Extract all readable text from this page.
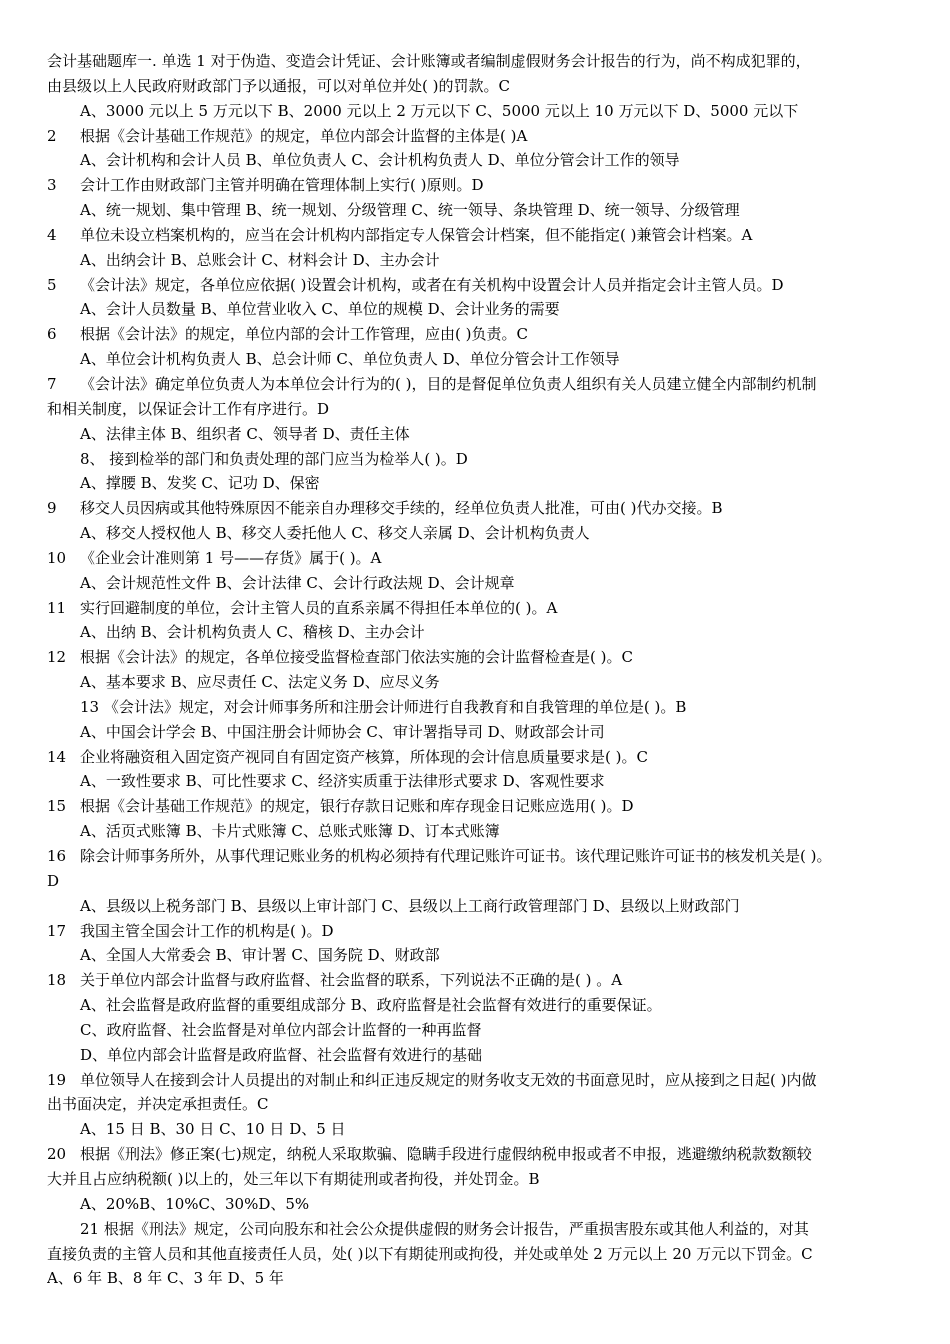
会计基础题库一. 单选 1 对于伪造、变造会计凭证、会计账簿或者编制虚假财务会计报告的行为，尚不构成犯罪的，
由县级以上人民政府财政部门予以通报，可以对单位并处( )的罚款。C
A、3000 元以上 5 万元以下 B、2000 元以上 2 万元以下 C、5000 元以上 10 万元以下 D、5000 元以下
2 根据《会计基础工作规范》的规定，单位内部会计监督的主体是( )A
A、会计机构和会计人员 B、单位负责人 C、会计机构负责人 D、单位分管会计工作的领导
3 会计工作由财政部门主管并明确在管理体制上实行( )原则。D
A、统一规划、集中管理 B、统一规划、分级管理 C、统一领导、条块管理 D、统一领导、分级管理
4 单位未设立档案机构的，应当在会计机构内部指定专人保管会计档案，但不能指定( )兼管会计档案。A
A、出纳会计 B、总账会计 C、材料会计 D、主办会计
5 《会计法》规定，各单位应依据( )设置会计机构，或者在有关机构中设置会计人员并指定会计主管人员。D
A、会计人员数量 B、单位营业收入 C、单位的规模 D、会计业务的需要
6 根据《会计法》的规定，单位内部的会计工作管理，应由( )负责。C
A、单位会计机构负责人 B、总会计师 C、单位负责人 D、单位分管会计工作领导
7 《会计法》确定单位负责人为本单位会计行为的( )，目的是督促单位负责人组织有关人员建立健全内部制约机制
和相关制度，以保证会计工作有序进行。D
A、法律主体 B、组织者 C、领导者 D、责任主体
8、 接到检举的部门和负责处理的部门应当为检举人( )。D
A、撑腰 B、发奖 C、记功 D、保密
9 移交人员因病或其他特殊原因不能亲自办理移交手续的，经单位负责人批准，可由( )代办交接。B
A、移交人授权他人 B、移交人委托他人 C、移交人亲属 D、会计机构负责人
10 《企业会计准则第 1 号——存货》属于( )。A
A、会计规范性文件 B、会计法律 C、会计行政法规 D、会计规章
11 实行回避制度的单位，会计主管人员的直系亲属不得担任本单位的( )。A
A、出纳 B、会计机构负责人 C、稽核 D、主办会计
12 根据《会计法》的规定，各单位接受监督检查部门依法实施的会计监督检查是( )。C
A、基本要求 B、应尽责任 C、法定义务 D、应尽义务
13 《会计法》规定，对会计师事务所和注册会计师进行自我教育和自我管理的单位是( )。B
A、中国会计学会 B、中国注册会计师协会 C、审计署指导司 D、财政部会计司
14 企业将融资租入固定资产视同自有固定资产核算，所体现的会计信息质量要求是( )。C
A、一致性要求 B、可比性要求 C、经济实质重于法律形式要求 D、客观性要求
15 根据《会计基础工作规范》的规定，银行存款日记账和库存现金日记账应选用( )。D
A、活页式账簿 B、卡片式账簿 C、总账式账簿 D、订本式账簿
16 除会计师事务所外，从事代理记账业务的机构必须持有代理记账许可证书。该代理记账许可证书的核发机关是( )。
D
A、县级以上税务部门 B、县级以上审计部门 C、县级以上工商行政管理部门 D、县级以上财政部门
17 我国主管全国会计工作的机构是( )。D
A、全国人大常委会 B、审计署 C、国务院 D、财政部
18 关于单位内部会计监督与政府监督、社会监督的联系，下列说法不正确的是( ) 。A
A、社会监督是政府监督的重要组成部分 B、政府监督是社会监督有效进行的重要保证。
C、政府监督、社会监督是对单位内部会计监督的一种再监督
D、单位内部会计监督是政府监督、社会监督有效进行的基础
19 单位领导人在接到会计人员提出的对制止和纠正违反规定的财务收支无效的书面意见时，应从接到之日起( )内做
出书面决定，并决定承担责任。C
A、15 日 B、30 日 C、10 日 D、5 日
20 根据《刑法》修正案(七)规定，纳税人采取欺骗、隐瞒手段进行虚假纳税申报或者不申报，逃避缴纳税款数额较
大并且占应纳税额( )以上的，处三年以下有期徒刑或者拘役，并处罚金。B
A、20%B、10%C、30%D、5%
21 根据《刑法》规定，公司向股东和社会公众提供虚假的财务会计报告，严重损害股东或其他人利益的，对其
直接负责的主管人员和其他直接责任人员，处( )以下有期徒刑或拘役，并处或单处 2 万元以上 20 万元以下罚金。C
A、6 年 B、8 年 C、3 年 D、5 年
